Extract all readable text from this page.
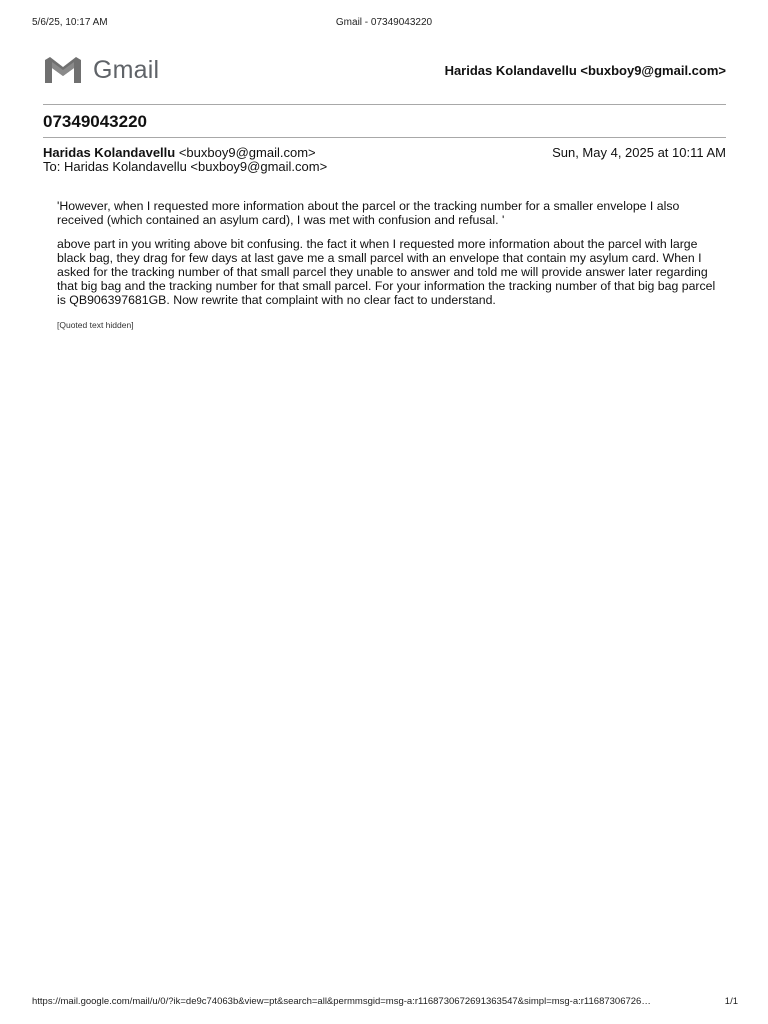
5/6/25, 10:17 AM	Gmail - 07349043220
Gmail	Haridas Kolandavellu <buxboy9@gmail.com>
07349043220
Haridas Kolandavellu <buxboy9@gmail.com>	Sun, May 4, 2025 at 10:11 AM
To: Haridas Kolandavellu <buxboy9@gmail.com>
'However, when I requested more information about the parcel or the tracking number for a smaller envelope I also received (which contained an asylum card), I was met with confusion and refusal. '
above part in you writing above bit confusing. the fact it when I requested more information about the parcel with large black bag, they drag for few days at last gave me a small parcel with an envelope that contain my asylum card. When I asked for the tracking number of that small parcel they unable to answer and told me will provide answer later regarding that big bag and the tracking number for that small parcel. For your information the tracking number of that big bag parcel is QB906397681GB. Now rewrite that complaint with no clear fact to understand.
[Quoted text hidden]
https://mail.google.com/mail/u/0/?ik=de9c74063b&view=pt&search=all&permmsgid=msg-a:r1168730672691363547&simpl=msg-a:r11687306726…	1/1
